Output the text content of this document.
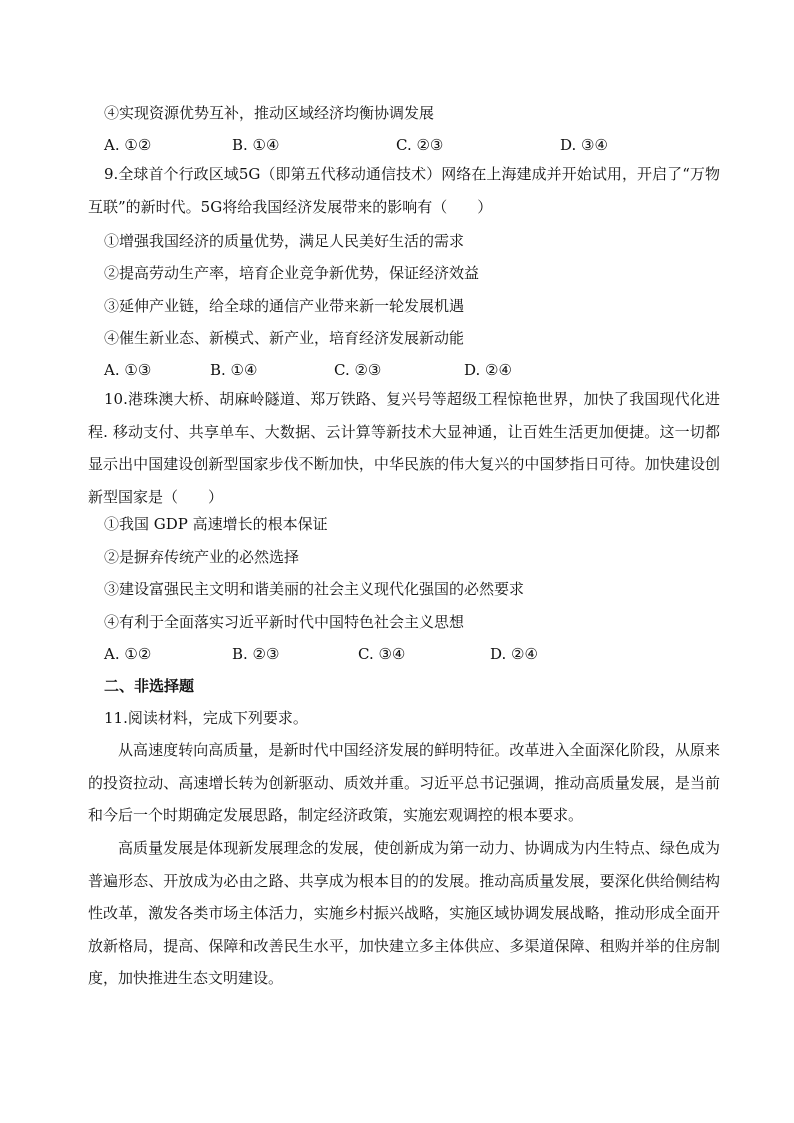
④实现资源优势互补，推动区域经济均衡协调发展
A. ①②	B. ①④	C. ②③	D. ③④

9.全球首个行政区域5G（即第五代移动通信技术）网络在上海建成并开始试用，开启了“万物互联”的新时代。5G将给我国经济发展带来的影响有（　　）

①增强我国经济的质量优势，满足人民美好生活的需求
②提高劳动生产率，培育企业竞争新优势，保证经济效益
③延伸产业链，给全球的通信产业带来新一轮发展机遇
④催生新业态、新模式、新产业，培育经济发展新动能
A. ①③	B. ①④	C. ②③	D. ②④

10.港珠澳大桥、胡麻岭隧道、郑万铁路、复兴号等超级工程惊艳世界，加快了我国现代化进程. 移动支付、共享单车、大数据、云计算等新技术大显神通，让百姓生活更加便捷。这一切都显示出中国建设创新型国家步伐不断加快，中华民族的伟大复兴的中国梦指日可待。加快建设创新型国家是（　　）

①我国 GDP 高速增长的根本保证
②是摒弃传统产业的必然选择
③建设富强民主文明和谐美丽的社会主义现代化强国的必然要求
④有利于全面落实习近平新时代中国特色社会主义思想
A. ①②	B. ②③	C. ③④	D. ②④
二、非选择题
11.阅读材料，完成下列要求。

从高速度转向高质量，是新时代中国经济发展的鲜明特征。改革进入全面深化阶段，从原来的投资拉动、高速增长转为创新驱动、质效并重。习近平总书记强调，推动高质量发展，是当前和今后一个时期确定发展思路，制定经济政策，实施宏观调控的根本要求。

高质量发展是体现新发展理念的发展，使创新成为第一动力、协调成为内生特点、绿色成为普遍形态、开放成为必由之路、共享成为根本目的的发展。推动高质量发展，要深化供给侧结构性改革，激发各类市场主体活力，实施乡村振兴战略，实施区域协调发展战略，推动形成全面开放新格局，提高、保障和改善民生水平，加快建立多主体供应、多渠道保障、租购并举的住房制度，加快推进生态文明建设。
